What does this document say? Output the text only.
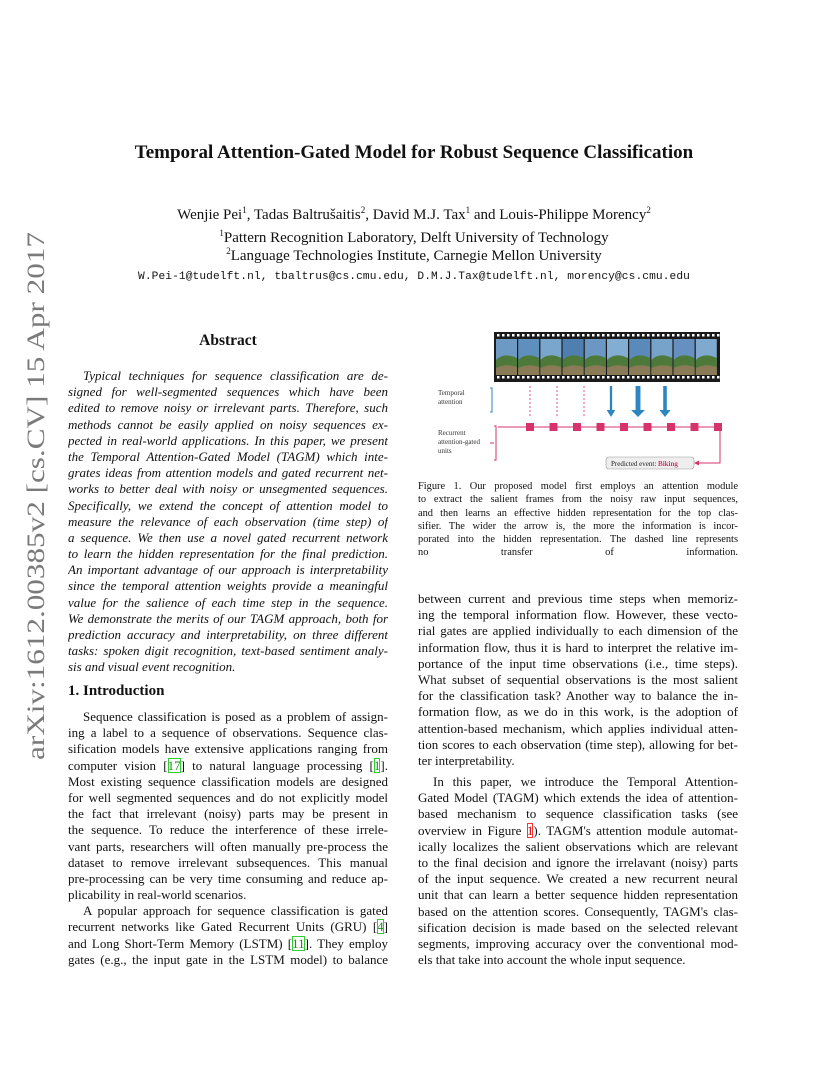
arXiv:1612.00385v2 [cs.CV] 15 Apr 2017
Temporal Attention-Gated Model for Robust Sequence Classification
Wenjie Pei$^1$, Tadas Baltrušaitis$^2$, David M.J. Tax$^1$ and Louis-Philippe Morency$^2$
$^1$Pattern Recognition Laboratory, Delft University of Technology
$^2$Language Technologies Institute, Carnegie Mellon University
W.Pei-1@tudelft.nl, tbaltrus@cs.cmu.edu, D.M.J.Tax@tudelft.nl, morency@cs.cmu.edu
Abstract
Typical techniques for sequence classification are de-
signed for well-segmented sequences which have been
edited to remove noisy or irrelevant parts. Therefore, such
methods cannot be easily applied on noisy sequences ex-
pected in real-world applications. In this paper, we present
the Temporal Attention-Gated Model (TAGM) which inte-
grates ideas from attention models and gated recurrent net-
works to better deal with noisy or unsegmented sequences.
Specifically, we extend the concept of attention model to
measure the relevance of each observation (time step) of
a sequence. We then use a novel gated recurrent network
to learn the hidden representation for the final prediction.
An important advantage of our approach is interpretability
since the temporal attention weights provide a meaningful
value for the salience of each time step in the sequence.
We demonstrate the merits of our TAGM approach, both for
prediction accuracy and interpretability, on three different
tasks: spoken digit recognition, text-based sentiment analy-
sis and visual event recognition.
1. Introduction
Sequence classification is posed as a problem of assign-
ing a label to a sequence of observations. Sequence clas-
sification models have extensive applications ranging from
computer vision [17] to natural language processing [1].
Most existing sequence classification models are designed
for well segmented sequences and do not explicitly model
the fact that irrelevant (noisy) parts may be present in
the sequence. To reduce the interference of these irrele-
vant parts, researchers will often manually pre-process the
dataset to remove irrelevant subsequences. This manual
pre-processing can be very time consuming and reduce ap-
plicability in real-world scenarios.
A popular approach for sequence classification is gated
recurrent networks like Gated Recurrent Units (GRU) [4]
and Long Short-Term Memory (LSTM) [11]. They employ
gates (e.g., the input gate in the LSTM model) to balance
Temporal
attention
Recurrent
attention-gated
units
Predicted event: Biking
Figure 1. Our proposed model first employs an attention module
to extract the salient frames from the noisy raw input sequences,
and then learns an effective hidden representation for the top clas-
sifier. The wider the arrow is, the more the information is incor-
porated into the hidden representation. The dashed line represents
no transfer of information.
between current and previous time steps when memoriz-
ing the temporal information flow. However, these vecto-
rial gates are applied individually to each dimension of the
information flow, thus it is hard to interpret the relative im-
portance of the input time observations (i.e., time steps).
What subset of sequential observations is the most salient
for the classification task? Another way to balance the in-
formation flow, as we do in this work, is the adoption of
attention-based mechanism, which applies individual atten-
tion scores to each observation (time step), allowing for bet-
ter interpretability.
In this paper, we introduce the Temporal Attention-
Gated Model (TAGM) which extends the idea of attention-
based mechanism to sequence classification tasks (see
overview in Figure 1). TAGM's attention module automat-
ically localizes the salient observations which are relevant
to the final decision and ignore the irrelavant (noisy) parts
of the input sequence. We created a new recurrent neural
unit that can learn a better sequence hidden representation
based on the attention scores. Consequently, TAGM's clas-
sification decision is made based on the selected relevant
segments, improving accuracy over the conventional mod-
els that take into account the whole input sequence.
